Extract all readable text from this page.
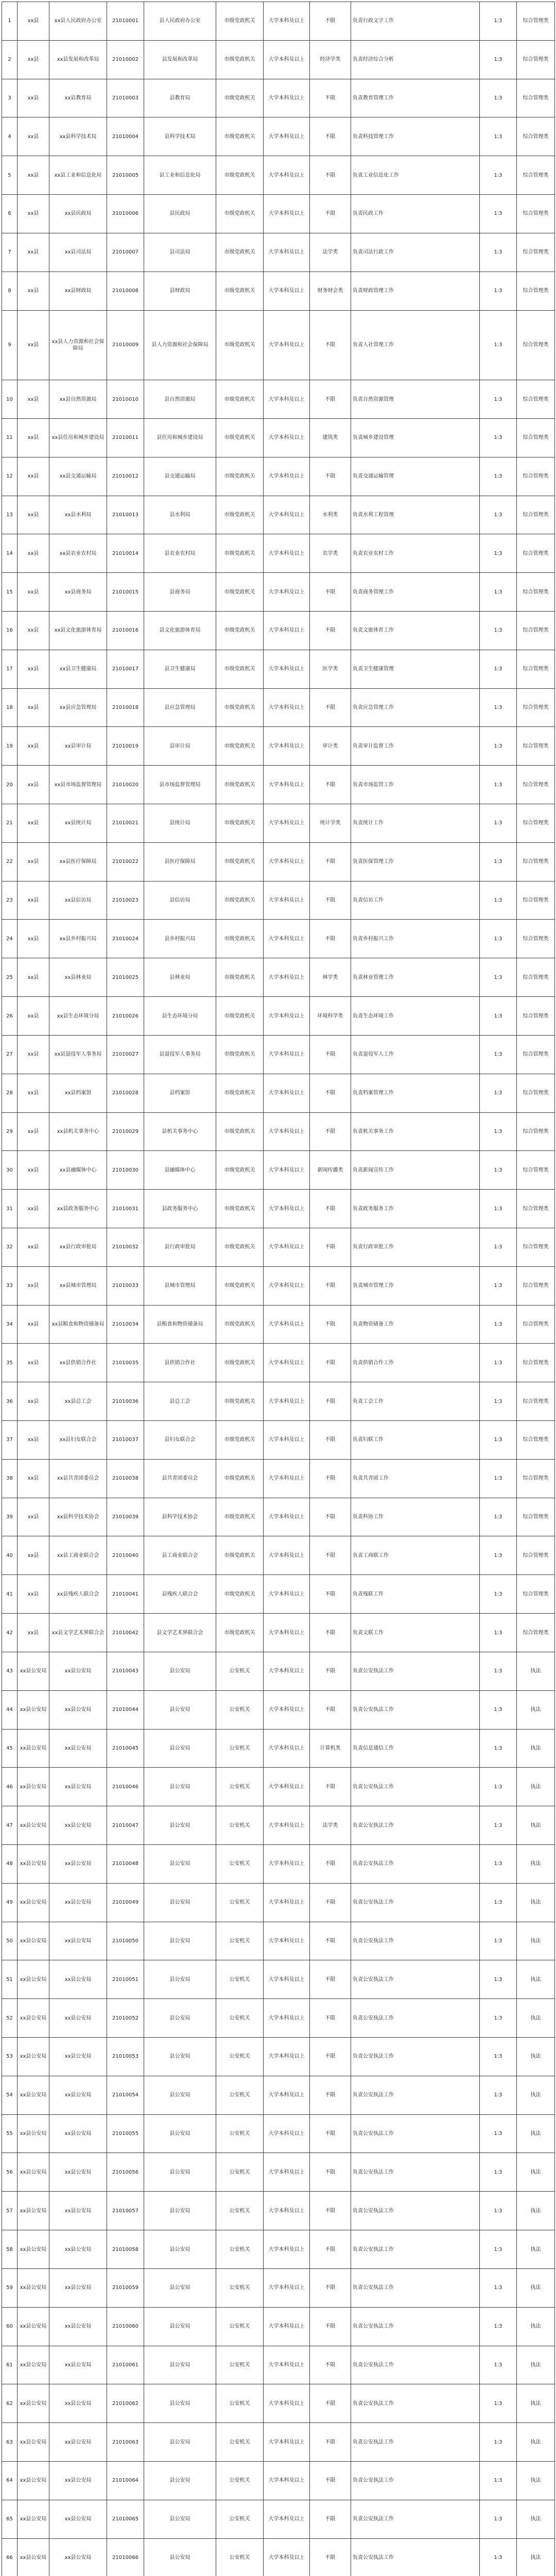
1	xx县	xx县人民政府办公室	21010001	县人民政府办公室	市级党政机关	大学本科及以上	不限	负责行政文字工作	1:3	综合管理类
2	xx县	xx县发展和改革局	21010002	县发展和改革局	市级党政机关	大学本科及以上	经济学类	负责经济综合分析	1:3	综合管理类
3	xx县	xx县教育局	21010003	县教育局	市级党政机关	大学本科及以上	不限	负责教育管理工作	1:3	综合管理类
4	xx县	xx县科学技术局	21010004	县科学技术局	市级党政机关	大学本科及以上	不限	负责科技管理工作	1:3	综合管理类
5	xx县	xx县工业和信息化局	21010005	县工业和信息化局	市级党政机关	大学本科及以上	不限	负责工业信息化工作	1:3	综合管理类
6	xx县	xx县民政局	21010006	县民政局	市级党政机关	大学本科及以上	不限	负责民政工作	1:3	综合管理类
7	xx县	xx县司法局	21010007	县司法局	市级党政机关	大学本科及以上	法学类	负责司法行政工作	1:3	综合管理类
8	xx县	xx县财政局	21010008	县财政局	市级党政机关	大学本科及以上	财务财会类	负责财政管理工作	1:3	综合管理类
9	xx县	xx县人力资源和社会保障局	21010009	县人力资源和社会保障局	市级党政机关	大学本科及以上	不限	负责人社管理工作	1:3	综合管理类
10	xx县	xx县自然资源局	21010010	县自然资源局	市级党政机关	大学本科及以上	不限	负责自然资源管理	1:3	综合管理类
11	xx县	xx县住房和城乡建设局	21010011	县住房和城乡建设局	市级党政机关	大学本科及以上	建筑类	负责城乡建设管理	1:3	综合管理类
12	xx县	xx县交通运输局	21010012	县交通运输局	市级党政机关	大学本科及以上	不限	负责交通运输管理	1:3	综合管理类
13	xx县	xx县水利局	21010013	县水利局	市级党政机关	大学本科及以上	水利类	负责水利工程管理	1:3	综合管理类
14	xx县	xx县农业农村局	21010014	县农业农村局	市级党政机关	大学本科及以上	农学类	负责农业农村工作	1:3	综合管理类
15	xx县	xx县商务局	21010015	县商务局	市级党政机关	大学本科及以上	不限	负责商务管理工作	1:3	综合管理类
16	xx县	xx县文化旅游体育局	21010016	县文化旅游体育局	市级党政机关	大学本科及以上	不限	负责文旅体育工作	1:3	综合管理类
17	xx县	xx县卫生健康局	21010017	县卫生健康局	市级党政机关	大学本科及以上	医学类	负责卫生健康管理	1:3	综合管理类
18	xx县	xx县应急管理局	21010018	县应急管理局	市级党政机关	大学本科及以上	不限	负责应急管理工作	1:3	综合管理类
19	xx县	xx县审计局	21010019	县审计局	市级党政机关	大学本科及以上	审计类	负责审计监督工作	1:3	综合管理类
20	xx县	xx县市场监督管理局	21010020	县市场监督管理局	市级党政机关	大学本科及以上	不限	负责市场监管工作	1:3	综合管理类
21	xx县	xx县统计局	21010021	县统计局	市级党政机关	大学本科及以上	统计学类	负责统计工作	1:3	综合管理类
22	xx县	xx县医疗保障局	21010022	县医疗保障局	市级党政机关	大学本科及以上	不限	负责医保管理工作	1:3	综合管理类
23	xx县	xx县信访局	21010023	县信访局	市级党政机关	大学本科及以上	不限	负责信访工作	1:3	综合管理类
24	xx县	xx县乡村振兴局	21010024	县乡村振兴局	市级党政机关	大学本科及以上	不限	负责乡村振兴工作	1:3	综合管理类
25	xx县	xx县林业局	21010025	县林业局	市级党政机关	大学本科及以上	林学类	负责林业管理工作	1:3	综合管理类
26	xx县	xx县生态环境分局	21010026	县生态环境分局	市级党政机关	大学本科及以上	环境科学类	负责生态环境工作	1:3	综合管理类
27	xx县	xx县退役军人事务局	21010027	县退役军人事务局	市级党政机关	大学本科及以上	不限	负责退役军人工作	1:3	综合管理类
28	xx县	xx县档案馆	21010028	县档案馆	市级党政机关	大学本科及以上	不限	负责档案管理工作	1:3	综合管理类
29	xx县	xx县机关事务中心	21010029	县机关事务中心	市级党政机关	大学本科及以上	不限	负责机关事务工作	1:3	综合管理类
30	xx县	xx县融媒体中心	21010030	县融媒体中心	市级党政机关	大学本科及以上	新闻传播类	负责新闻宣传工作	1:3	综合管理类
31	xx县	xx县政务服务中心	21010031	县政务服务中心	市级党政机关	大学本科及以上	不限	负责政务服务工作	1:3	综合管理类
32	xx县	xx县行政审批局	21010032	县行政审批局	市级党政机关	大学本科及以上	不限	负责行政审批工作	1:3	综合管理类
33	xx县	xx县城市管理局	21010033	县城市管理局	市级党政机关	大学本科及以上	不限	负责城市管理工作	1:3	综合管理类
34	xx县	xx县粮食和物资储备局	21010034	县粮食和物资储备局	市级党政机关	大学本科及以上	不限	负责物资储备工作	1:3	综合管理类
35	xx县	xx县供销合作社	21010035	县供销合作社	市级党政机关	大学本科及以上	不限	负责供销合作工作	1:3	综合管理类
36	xx县	xx县总工会	21010036	县总工会	市级党政机关	大学本科及以上	不限	负责工会工作	1:3	综合管理类
37	xx县	xx县妇女联合会	21010037	县妇女联合会	市级党政机关	大学本科及以上	不限	负责妇联工作	1:3	综合管理类
38	xx县	xx县共青团委员会	21010038	县共青团委员会	市级党政机关	大学本科及以上	不限	负责共青团工作	1:3	综合管理类
39	xx县	xx县科学技术协会	21010039	县科学技术协会	市级党政机关	大学本科及以上	不限	负责科协工作	1:3	综合管理类
40	xx县	xx县工商业联合会	21010040	县工商业联合会	市级党政机关	大学本科及以上	不限	负责工商联工作	1:3	综合管理类
41	xx县	xx县残疾人联合会	21010041	县残疾人联合会	市级党政机关	大学本科及以上	不限	负责残联工作	1:3	综合管理类
42	xx县	xx县文学艺术界联合会	21010042	县文学艺术界联合会	市级党政机关	大学本科及以上	不限	负责文联工作	1:3	综合管理类
43	xx县公安局	xx县公安局	21010043	县公安局	公安机关	大学本科及以上	不限	负责公安执法工作	1:3	执法
44	xx县公安局	xx县公安局	21010044	县公安局	公安机关	大学本科及以上	不限	负责公安执法工作	1:3	执法
45	xx县公安局	xx县公安局	21010045	县公安局	公安机关	大学本科及以上	计算机类	负责信息通信工作	1:3	执法
46	xx县公安局	xx县公安局	21010046	县公安局	公安机关	大学本科及以上	不限	负责公安执法工作	1:3	执法
47	xx县公安局	xx县公安局	21010047	县公安局	公安机关	大学本科及以上	法学类	负责公安执法工作	1:3	执法
48	xx县公安局	xx县公安局	21010048	县公安局	公安机关	大学本科及以上	不限	负责公安执法工作	1:3	执法
49	xx县公安局	xx县公安局	21010049	县公安局	公安机关	大学本科及以上	不限	负责公安执法工作	1:3	执法
50	xx县公安局	xx县公安局	21010050	县公安局	公安机关	大学本科及以上	不限	负责公安执法工作	1:3	执法
51	xx县公安局	xx县公安局	21010051	县公安局	公安机关	大学本科及以上	不限	负责公安执法工作	1:3	执法
52	xx县公安局	xx县公安局	21010052	县公安局	公安机关	大学本科及以上	不限	负责公安执法工作	1:3	执法
53	xx县公安局	xx县公安局	21010053	县公安局	公安机关	大学本科及以上	不限	负责公安执法工作	1:3	执法
54	xx县公安局	xx县公安局	21010054	县公安局	公安机关	大学本科及以上	不限	负责公安执法工作	1:3	执法
55	xx县公安局	xx县公安局	21010055	县公安局	公安机关	大学本科及以上	不限	负责公安执法工作	1:3	执法
56	xx县公安局	xx县公安局	21010056	县公安局	公安机关	大学本科及以上	不限	负责公安执法工作	1:3	执法
57	xx县公安局	xx县公安局	21010057	县公安局	公安机关	大学本科及以上	不限	负责公安执法工作	1:3	执法
58	xx县公安局	xx县公安局	21010058	县公安局	公安机关	大学本科及以上	不限	负责公安执法工作	1:3	执法
59	xx县公安局	xx县公安局	21010059	县公安局	公安机关	大学本科及以上	不限	负责公安执法工作	1:3	执法
60	xx县公安局	xx县公安局	21010060	县公安局	公安机关	大学本科及以上	不限	负责公安执法工作	1:3	执法
61	xx县公安局	xx县公安局	21010061	县公安局	公安机关	大学本科及以上	不限	负责公安执法工作	1:3	执法
62	xx县公安局	xx县公安局	21010062	县公安局	公安机关	大学本科及以上	不限	负责公安执法工作	1:3	执法
63	xx县公安局	xx县公安局	21010063	县公安局	公安机关	大学本科及以上	不限	负责公安执法工作	1:3	执法
64	xx县公安局	xx县公安局	21010064	县公安局	公安机关	大学本科及以上	不限	负责公安执法工作	1:3	执法
65	xx县公安局	xx县公安局	21010065	县公安局	公安机关	大学本科及以上	不限	负责公安执法工作	1:3	执法
66	xx县公安局	xx县公安局	21010066	县公安局	公安机关	大学本科及以上	不限	负责公安执法工作	1:3	执法
